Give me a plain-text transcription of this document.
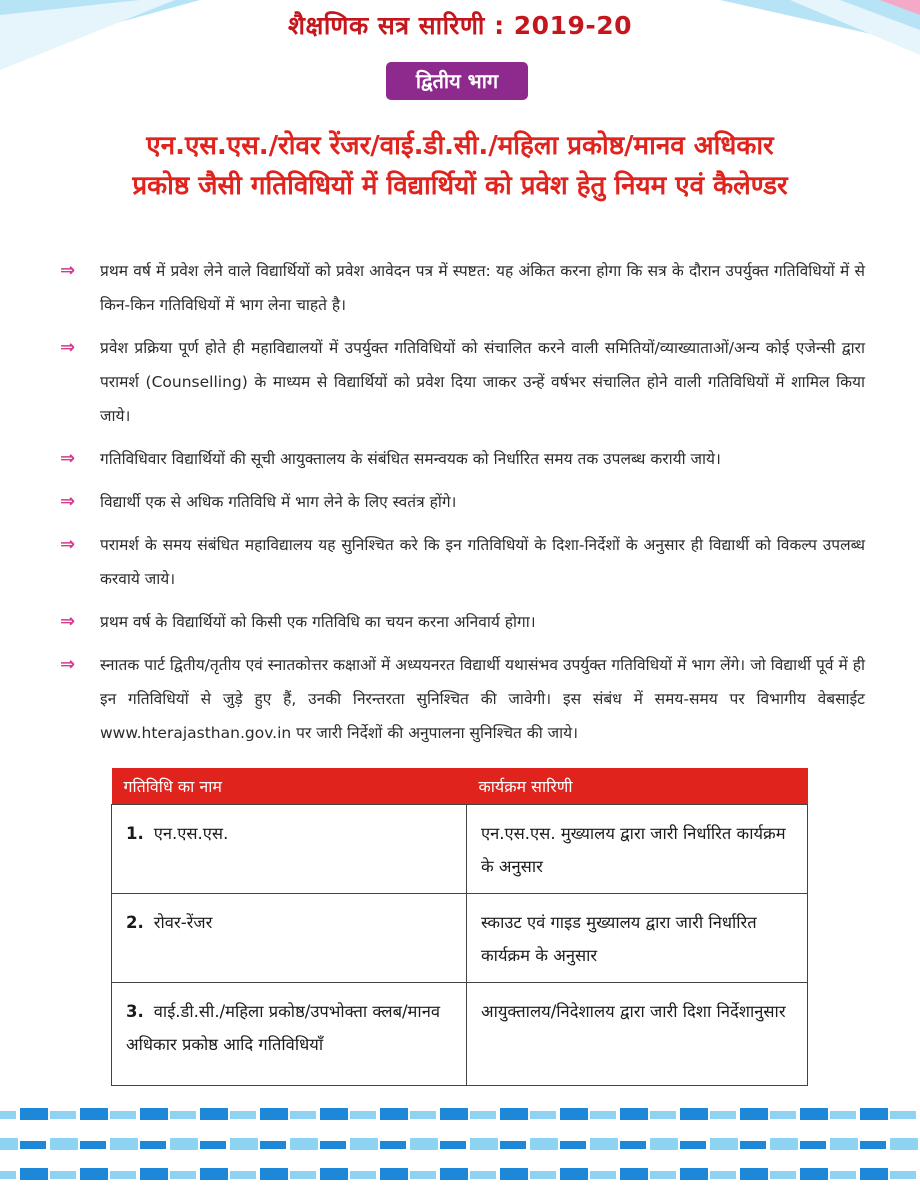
शैक्षणिक सत्र सारिणी : 2019-20
द्वितीय भाग
एन.एस.एस./रोवर रेंजर/वाई.डी.सी./महिला प्रकोष्ठ/मानव अधिकार
प्रकोष्ठ जैसी गतिविधियों में विद्यार्थियों को प्रवेश हेतु नियम एवं कैलेण्डर
⇒ प्रथम वर्ष में प्रवेश लेने वाले विद्यार्थियों को प्रवेश आवेदन पत्र में स्पष्टत: यह अंकित करना होगा कि सत्र के दौरान उपर्युक्त गतिविधियों में से किन-किन गतिविधियों में भाग लेना चाहते है।
⇒ प्रवेश प्रक्रिया पूर्ण होते ही महाविद्यालयों में उपर्युक्त गतिविधियों को संचालित करने वाली समितियों/व्याख्याताओं/अन्य कोई एजेन्सी द्वारा परामर्श (Counselling) के माध्यम से विद्यार्थियों को प्रवेश दिया जाकर उन्हें वर्षभर संचालित होने वाली गतिविधियों में शामिल किया जाये।
⇒ गतिविधिवार विद्यार्थियों की सूची आयुक्तालय के संबंधित समन्वयक को निर्धारित समय तक उपलब्ध करायी जाये।
⇒ विद्यार्थी एक से अधिक गतिविधि में भाग लेने के लिए स्वतंत्र होंगे।
⇒ परामर्श के समय संबंधित महाविद्यालय यह सुनिश्चित करे कि इन गतिविधियों के दिशा-निर्देशों के अनुसार ही विद्यार्थी को विकल्प उपलब्ध करवाये जाये।
⇒ प्रथम वर्ष के विद्यार्थियों को किसी एक गतिविधि का चयन करना अनिवार्य होगा।
⇒ स्नातक पार्ट द्वितीय/तृतीय एवं स्नातकोत्तर कक्षाओं में अध्ययनरत विद्यार्थी यथासंभव उपर्युक्त गतिविधियों में भाग लेंगे। जो विद्यार्थी पूर्व में ही इन गतिविधियों से जुड़े हुए हैं, उनकी निरन्तरता सुनिश्चित की जावेगी। इस संबंध में समय-समय पर विभागीय वेबसाईट www.hterajasthan.gov.in पर जारी निर्देशों की अनुपालना सुनिश्चित की जाये।
गतिविधि का नाम	कार्यक्रम सारिणी
1. एन.एस.एस.	एन.एस.एस. मुख्यालय द्वारा जारी निर्धारित कार्यक्रम के अनुसार
2. रोवर-रेंजर	स्काउट एवं गाइड मुख्यालय द्वारा जारी निर्धारित कार्यक्रम के अनुसार
3. वाई.डी.सी./महिला प्रकोष्ठ/उपभोक्ता क्लब/मानव अधिकार प्रकोष्ठ आदि गतिविधियाँ	आयुक्तालय/निदेशालय द्वारा जारी दिशा निर्देशानुसार
